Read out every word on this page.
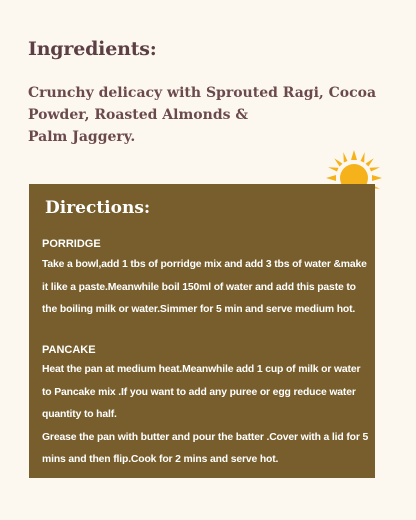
Ingredients:

Crunchy delicacy with Sprouted Ragi, Cocoa
Powder, Roasted Almonds &
Palm Jaggery.

Directions:
PORRIDGE

Take a bowl,add 1 tbs of porridge mix and add 3 tbs of water &make
it like a paste.Meanwhile boil 150ml of water and add this paste to
the boiling milk or water.Simmer for 5 min and serve medium hot.

PANCAKE

Heat the pan at medium heat.Meanwhile add 1 cup of milk or water
to Pancake mix .If you want to add any puree or egg reduce water
quantity to half.
Grease the pan with butter and pour the batter .Cover with a lid for 5
mins and then flip.Cook for 2 mins and serve hot.
